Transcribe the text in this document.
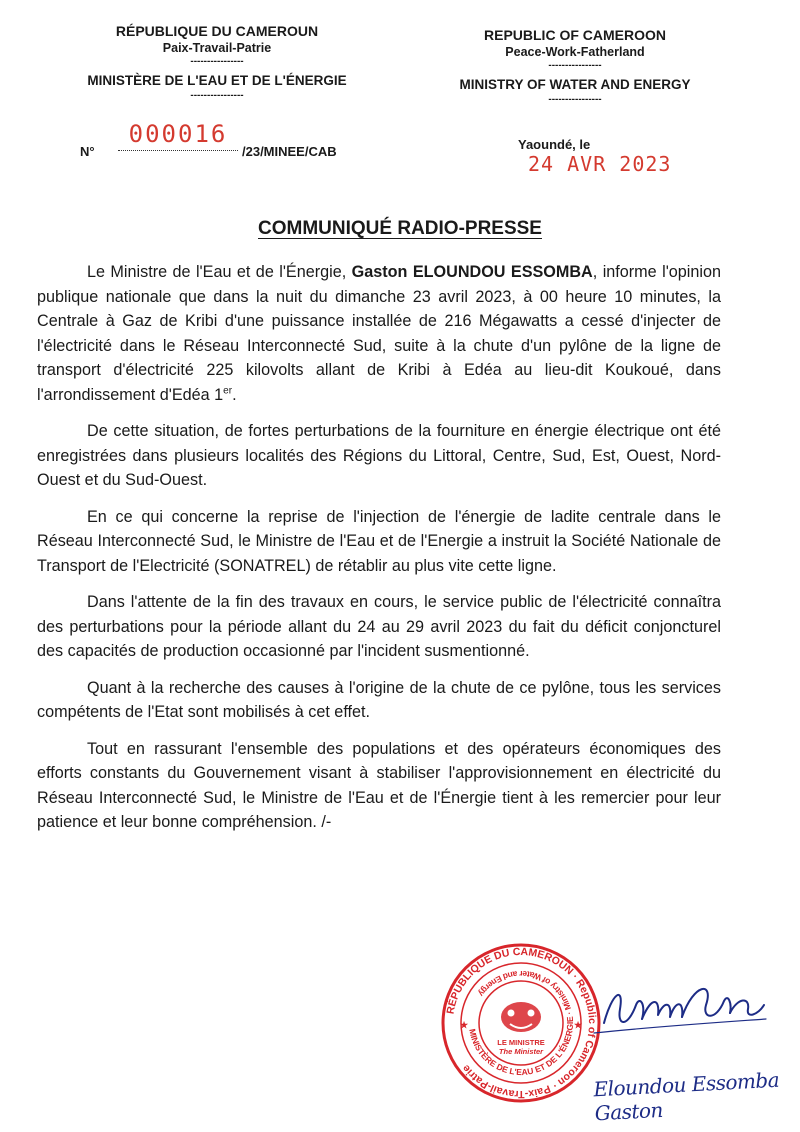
RÉPUBLIQUE DU CAMEROUN
Paix-Travail-Patrie
----------------
MINISTÈRE DE L'EAU ET DE L'ÉNERGIE
----------------
REPUBLIC OF CAMEROON
Peace-Work-Fatherland
----------------
MINISTRY OF WATER AND ENERGY
----------------
N°
000016
/23/MINEE/CAB	Yaoundé, le 24 AVR 2023
COMMUNIQUÉ RADIO-PRESSE

Le Ministre de l'Eau et de l'Énergie, Gaston ELOUNDOU ESSOMBA, informe l'opinion publique nationale que dans la nuit du dimanche 23 avril 2023, à 00 heure 10 minutes, la Centrale à Gaz de Kribi d'une puissance installée de 216 Mégawatts a cessé d'injecter de l'électricité dans le Réseau Interconnecté Sud, suite à la chute d'un pylône de la ligne de transport d'électricité 225 kilovolts allant de Kribi à Edéa au lieu-dit Koukoué, dans l'arrondissement d'Edéa 1er.

De cette situation, de fortes perturbations de la fourniture en énergie électrique ont été enregistrées dans plusieurs localités des Régions du Littoral, Centre, Sud, Est, Ouest, Nord-Ouest et du Sud-Ouest.

En ce qui concerne la reprise de l'injection de l'énergie de ladite centrale dans le Réseau Interconnecté Sud, le Ministre de l'Eau et de l'Energie a instruit la Société Nationale de Transport de l'Electricité (SONATREL) de rétablir au plus vite cette ligne.

Dans l'attente de la fin des travaux en cours, le service public de l'électricité connaîtra des perturbations pour la période allant du 24 au 29 avril 2023 du fait du déficit conjoncturel des capacités de production occasionné par l'incident susmentionné.

Quant à la recherche des causes à l'origine de la chute de ce pylône, tous les services compétents de l'Etat sont mobilisés à cet effet.

Tout en rassurant l'ensemble des populations et des opérateurs économiques des efforts constants du Gouvernement visant à stabiliser l'approvisionnement en électricité du Réseau Interconnecté Sud, le Ministre de l'Eau et de l'Énergie tient à les remercier pour leur patience et leur bonne compréhension. /-

RÉPUBLIQUE DU CAMEROUN · Republic of Cameroon · Paix-Travail-Patrie
MINISTÈRE DE L'EAU ET DE L'ÉNERGIE · Ministry of Water and Energy
LE MINISTRE
The Minister
★	★
Eloundou Essomba Gaston
